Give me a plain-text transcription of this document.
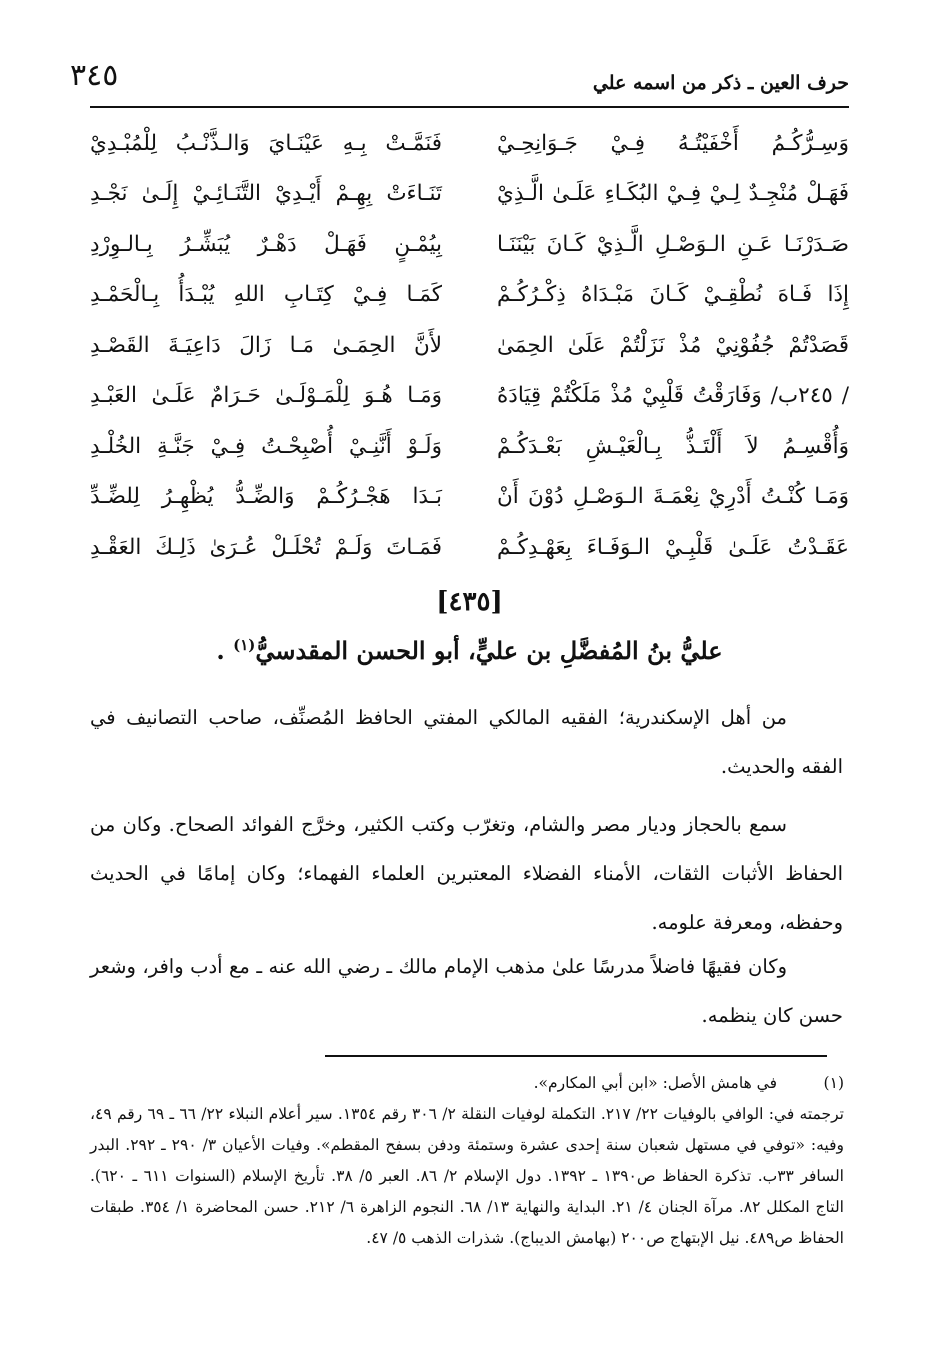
٣٤٥	حرف العين ـ ذكر من اسمه علي
وَسِـرُّكُـمُ أَخْفَيْتُـهُ فِـيْ جَـوَانِحِـيْ
فَنَمَّـتْ بِـهِ عَيْنَـايَ وَالـذَّنْـبُ لِلْمُبْـدِيْ
فَهَـلْ مُنْجِـدٌ لِـيْ فِـيْ البُكَـاءِ عَلَـىٰ الَّـذِيْ
تَنَـاءَتْ بِهِـمْ أَيْـدِيْ التَّنَـائِـيْ إِلَـىٰ نَجْـدِ
صَـدَرْنَـا عَـنِ الـوَصْـلِ الَّـذِيْ كَـانَ بَيْنَنَـا
بِيُمْـنٍ فَهَـلْ دَهْـرٌ يُبَشِّـرُ بِـالـوِرْدِ
إِذَا فَـاهَ نُطْقِـيْ كَـانَ مَبْـدَاهُ ذِكْـرُكُـمْ
كَمَـا فِـيْ كِتَـابِ اللهِ يُبْـدَأُ بِـالْحَمْـدِ
قَصَدْتُمْ جُفُوْنِيْ مُذْ نَزَلْتُمْ عَلَىٰ الحِمَىٰ
لأَنَّ الحِمَـىٰ مَـا زَالَ دَاعِيَـةَ القَصْـدِ
/ ٢٤٥ب/ وَفَارَقْتُ قَلْبِيْ مُذْ مَلَكْتُمْ قِيَادَهُ
وَمَـا هُـوَ لِلْمَـوْلَـىٰ حَـرَامٌ عَلَـىٰ العَبْـدِ
وَأُقْسِـمُ لاَ أَلْتَـذُّ بِـالْعَيْـشِ بَعْـدَكُـمْ
وَلَـوْ أَنَّنِـيْ أُصْبِحْـتُ فِـيْ جَنَّـةِ الخُلْـدِ
وَمَـا كُنْـتُ أَدْرِيْ نِعْمَـةَ الـوَصْـلِ دُوْنَ أَنْ
بَـدَا هَجْـرُكُـمْ وَالضِّـدُّ يُظْهِـرُ لِلضِّـدِّ
عَقَـدْتُ عَلَـىٰ قَلْبِـيْ الـوَفَـاءَ بِعَهْـدِكُـمْ
فَمَـاتَ وَلَـمْ تُحْلَـلْ عُـرَىٰ ذَلِـكَ العَقْـدِ
[٤٣٥]
عليُّ بنُ المُفضَّلِ بن عليٍّ، أبو الحسن المقدسيُّ$^{(١)}$ .
من أهل الإسكندرية؛ الفقيه المالكي المفتي الحافظ المُصنِّف، صاحب التصانيف في الفقه والحديث.
سمع بالحجاز وديار مصر والشام، وتغرّب وكتب الكثير، وخرَّج الفوائد الصحاح. وكان من الحفاظ الأثبات الثقات، الأمناء الفضلاء المعتبرين العلماء الفهماء؛ وكان إمامًا في الحديث وحفظه، ومعرفة علومه.
وكان فقيهًا فاضلاً مدرسًا علىٰ مذهب الإمام مالك ـ رضي الله عنه ـ مع أدب وافر، وشعر حسن كان ينظمه.
(١)
في هامش الأصل: «ابن أبي المكارم».
ترجمته في: الوافي بالوفيات ٢٢/ ٢١٧. التكملة لوفيات النقلة ٢/ ٣٠٦ رقم ١٣٥٤. سير أعلام النبلاء ٢٢/ ٦٦ ـ ٦٩ رقم ٤٩، وفيه: «توفي في مستهل شعبان سنة إحدى عشرة وستمئة ودفن بسفح المقطم». وفيات الأعيان ٣/ ٢٩٠ ـ ٢٩٢. البدر السافر ٣٣ب. تذكرة الحفاظ ص١٣٩٠ ـ ١٣٩٢. دول الإسلام ٢/ ٨٦. العبر ٥/ ٣٨. تأريخ الإسلام (السنوات ٦١١ ـ ٦٢٠). التاج المكلل ٨٢. مرآة الجنان ٤/ ٢١. البداية والنهاية ١٣/ ٦٨. النجوم الزاهرة ٦/ ٢١٢. حسن المحاضرة ١/ ٣٥٤. طبقات الحفاظ ص٤٨٩. نيل الإبتهاج ص٢٠٠ (بهامش الديباج). شذرات الذهب ٥/ ٤٧.
